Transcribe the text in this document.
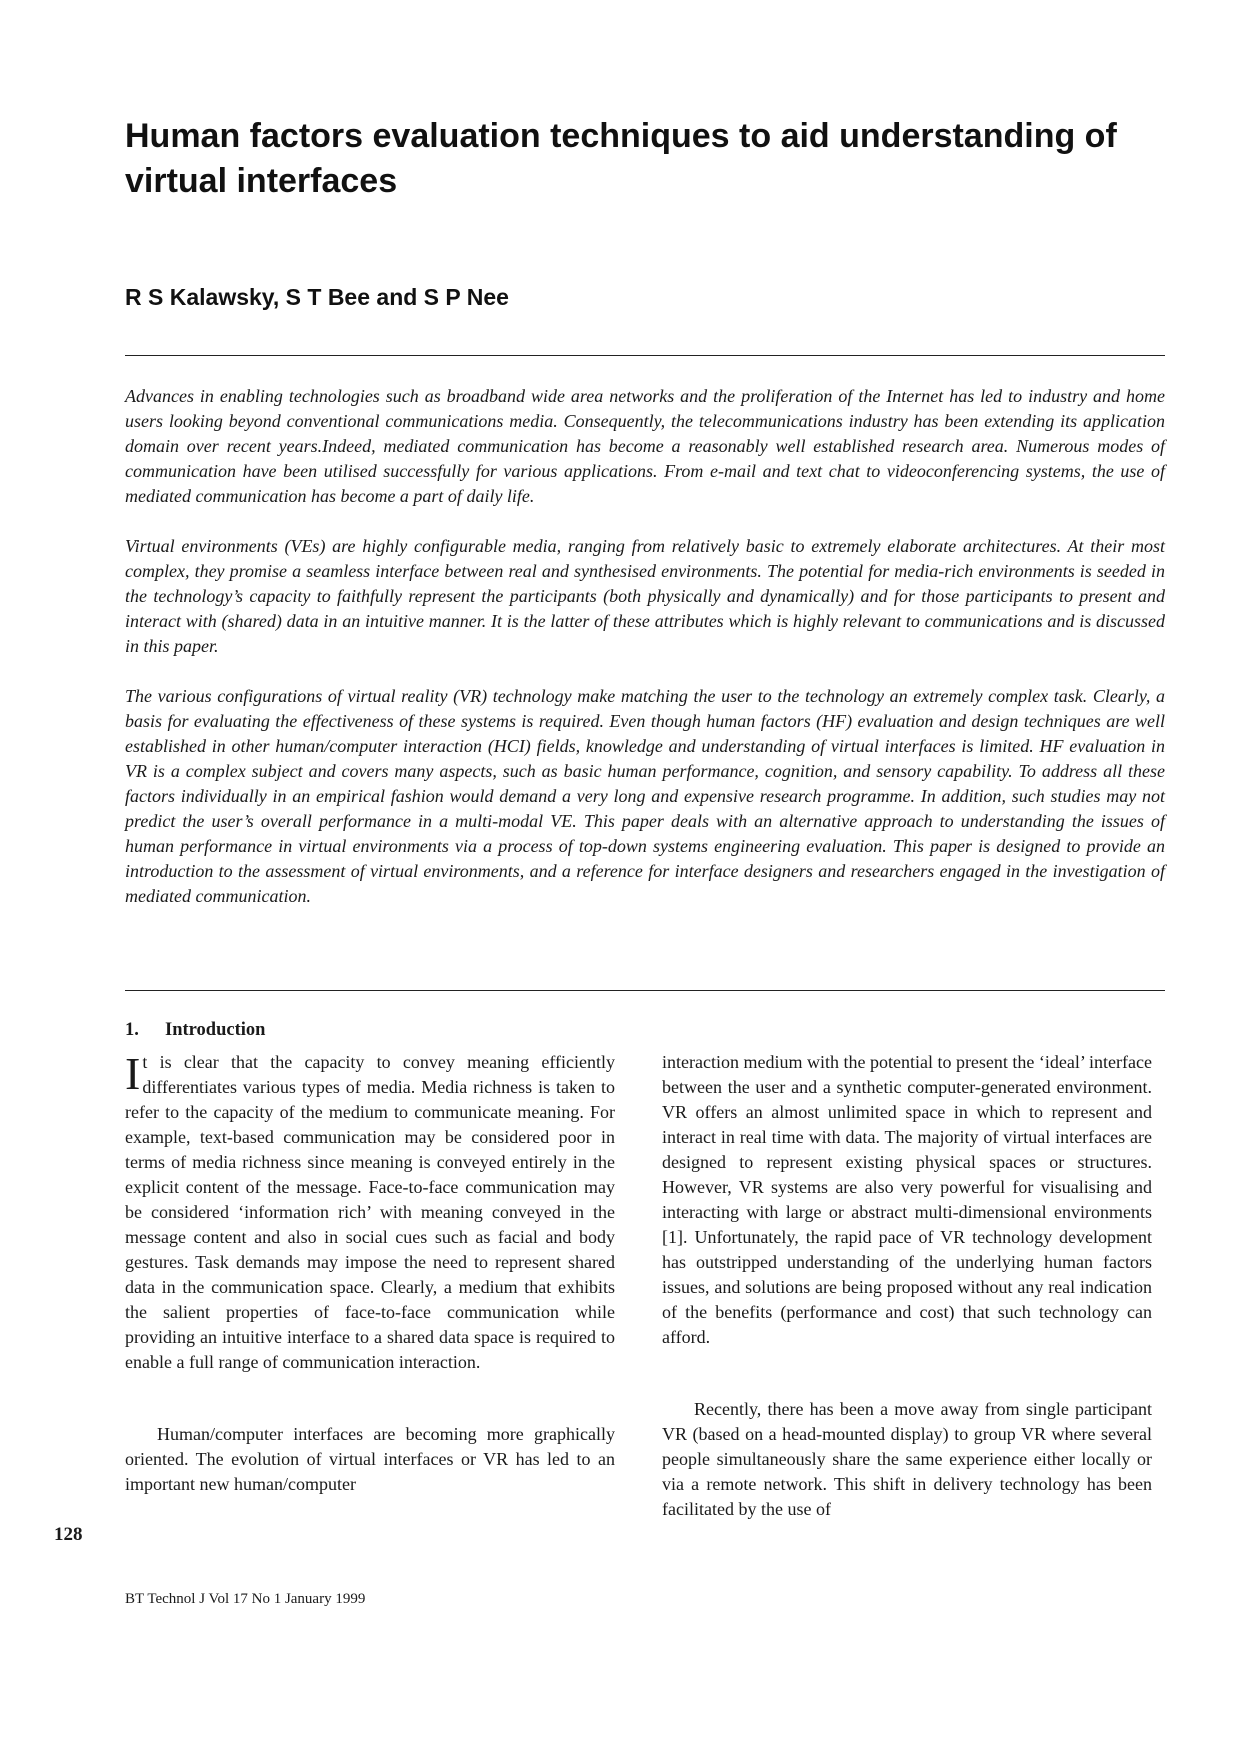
Human factors evaluation techniques to aid understanding of virtual interfaces

R S Kalawsky, S T Bee and S P Nee

Advances in enabling technologies such as broadband wide area networks and the proliferation of the Internet has led to industry and home users looking beyond conventional communications media. Consequently, the telecommunications industry has been extending its application domain over recent years.Indeed, mediated communication has become a reasonably well established research area. Numerous modes of communication have been utilised successfully for various applications. From e-mail and text chat to videoconferencing systems, the use of mediated communication has become a part of daily life.

Virtual environments (VEs) are highly configurable media, ranging from relatively basic to extremely elaborate architectures. At their most complex, they promise a seamless interface between real and synthesised environments. The potential for media-rich environments is seeded in the technology’s capacity to faithfully represent the participants (both physically and dynamically) and for those participants to present and interact with (shared) data in an intuitive manner. It is the latter of these attributes which is highly relevant to communications and is discussed in this paper.

The various configurations of virtual reality (VR) technology make matching the user to the technology an extremely complex task. Clearly, a basis for evaluating the effectiveness of these systems is required. Even though human factors (HF) evaluation and design techniques are well established in other human/computer interaction (HCI) fields, knowledge and understanding of virtual interfaces is limited. HF evaluation in VR is a complex subject and covers many aspects, such as basic human performance, cognition, and sensory capability. To address all these factors individually in an empirical fashion would demand a very long and expensive research programme. In addition, such studies may not predict the user’s overall performance in a multi-modal VE. This paper deals with an alternative approach to understanding the issues of human performance in virtual environments via a process of top-down systems engineering evaluation. This paper is designed to provide an introduction to the assessment of virtual environments, and a reference for interface designers and researchers engaged in the investigation of mediated communication.

1. Introduction

It is clear that the capacity to convey meaning efficiently differentiates various types of media. Media richness is taken to refer to the capacity of the medium to communicate meaning. For example, text-based communication may be considered poor in terms of media richness since meaning is conveyed entirely in the explicit content of the message. Face-to-face communication may be considered ‘information rich’ with meaning conveyed in the message content and also in social cues such as facial and body gestures. Task demands may impose the need to represent shared data in the communication space. Clearly, a medium that exhibits the salient properties of face-to-face communication while providing an intuitive interface to a shared data space is required to enable a full range of communication interaction.

Human/computer interfaces are becoming more graphically oriented. The evolution of virtual interfaces or VR has led to an important new human/computer

interaction medium with the potential to present the ‘ideal’ interface between the user and a synthetic computer-generated environment. VR offers an almost unlimited space in which to represent and interact in real time with data. The majority of virtual interfaces are designed to represent existing physical spaces or structures. However, VR systems are also very powerful for visualising and interacting with large or abstract multi-dimensional environments [1]. Unfortunately, the rapid pace of VR technology development has outstripped understanding of the underlying human factors issues, and solutions are being proposed without any real indication of the benefits (performance and cost) that such technology can afford.

Recently, there has been a move away from single participant VR (based on a head-mounted display) to group VR where several people simultaneously share the same experience either locally or via a remote network. This shift in delivery technology has been facilitated by the use of

128

BT Technol J Vol 17 No 1 January 1999
